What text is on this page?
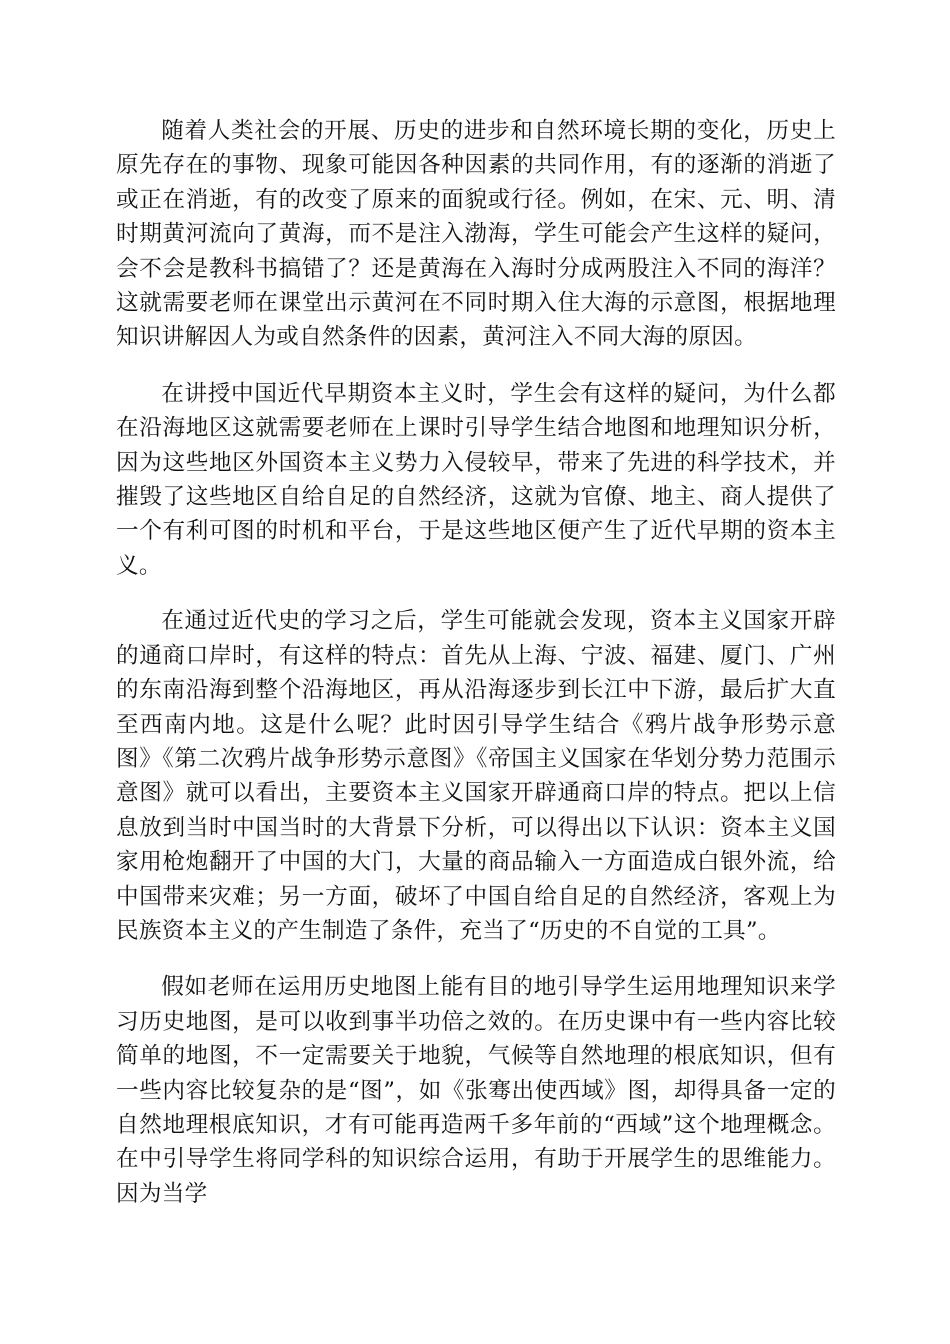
随着人类社会的开展、历史的进步和自然环境长期的变化，历史上原先存在的事物、现象可能因各种因素的共同作用，有的逐渐的消逝了或正在消逝，有的改变了原来的面貌或行径。例如，在宋、元、明、清时期黄河流向了黄海，而不是注入渤海，学生可能会产生这样的疑问，会不会是教科书搞错了？还是黄海在入海时分成两股注入不同的海洋？这就需要老师在课堂出示黄河在不同时期入住大海的示意图，根据地理知识讲解因人为或自然条件的因素，黄河注入不同大海的原因。

在讲授中国近代早期资本主义时，学生会有这样的疑问，为什么都在沿海地区这就需要老师在上课时引导学生结合地图和地理知识分析，因为这些地区外国资本主义势力入侵较早，带来了先进的科学技术，并摧毁了这些地区自给自足的自然经济，这就为官僚、地主、商人提供了一个有利可图的时机和平台，于是这些地区便产生了近代早期的资本主义。

在通过近代史的学习之后，学生可能就会发现，资本主义国家开辟的通商口岸时，有这样的特点：首先从上海、宁波、福建、厦门、广州的东南沿海到整个沿海地区，再从沿海逐步到长江中下游，最后扩大直至西南内地。这是什么呢？此时因引导学生结合《鸦片战争形势示意图》《第二次鸦片战争形势示意图》《帝国主义国家在华划分势力范围示意图》就可以看出，主要资本主义国家开辟通商口岸的特点。把以上信息放到当时中国当时的大背景下分析，可以得出以下认识：资本主义国家用枪炮翻开了中国的大门，大量的商品输入一方面造成白银外流，给中国带来灾难；另一方面，破坏了中国自给自足的自然经济，客观上为民族资本主义的产生制造了条件，充当了“历史的不自觉的工具”。

假如老师在运用历史地图上能有目的地引导学生运用地理知识来学习历史地图，是可以收到事半功倍之效的。在历史课中有一些内容比较简单的地图，不一定需要关于地貌，气候等自然地理的根底知识，但有一些内容比较复杂的是“图”，如《张骞出使西域》图，却得具备一定的自然地理根底知识，才有可能再造两千多年前的“西域”这个地理概念。在中引导学生将同学科的知识综合运用，有助于开展学生的思维能力。因为当学
